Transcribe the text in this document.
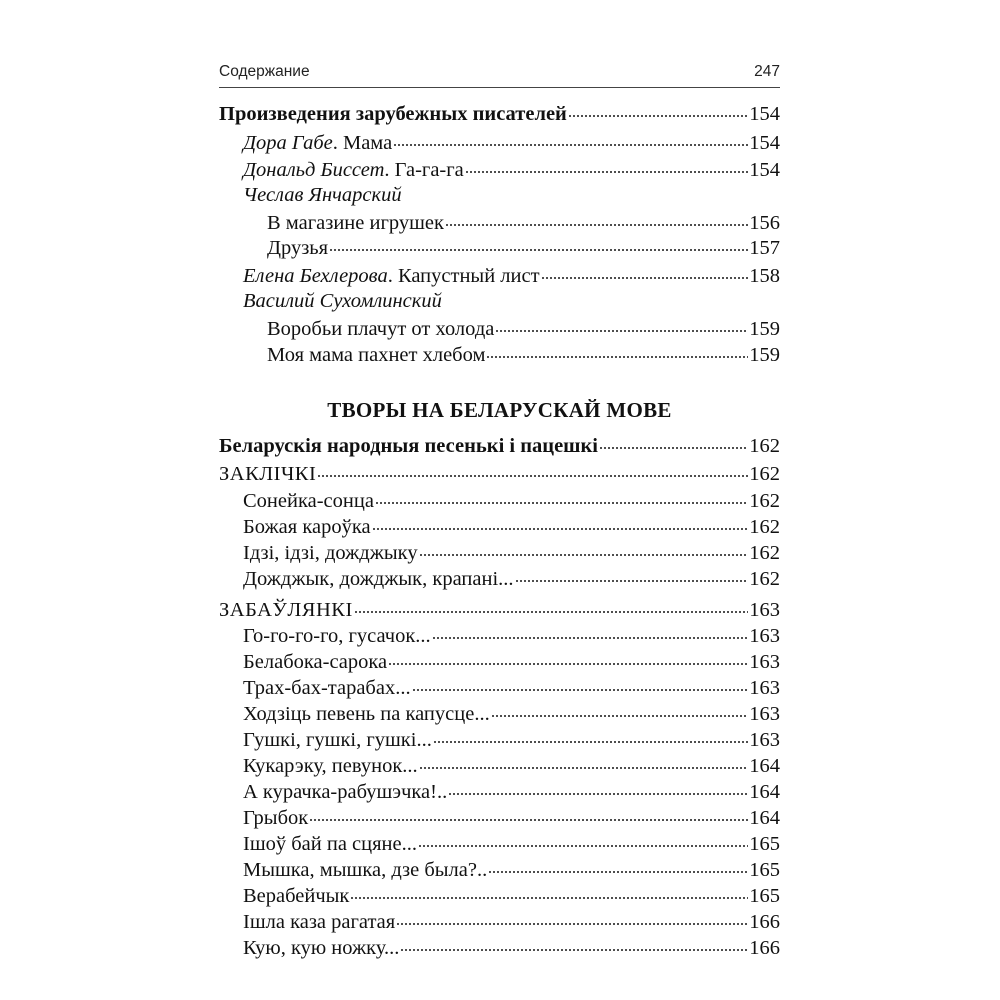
Содержание	247
Произведения зарубежных писателей	154
Дора Габе. Мама	154
Дональд Биссет. Га-га-га	154
Чеслав Янчарский
В магазине игрушек	156
Друзья	157
Елена Бехлерова. Капустный лист	158
Василий Сухомлинский
Воробьи плачут от холода	159
Моя мама пахнет хлебом	159
ТВОРЫ НА БЕЛАРУСКАЙ МОВЕ
Беларускія народныя песенькі і пацешкі	162
ЗАКЛІЧКІ	162
Сонейка-сонца	162
Божая кароўка	162
Ідзі, ідзі, дожджыку	162
Дожджык, дожджык, крапані...	162
ЗАБАЎЛЯНКІ	163
Го-го-го-го, гусачок...	163
Белабока-сарока	163
Трах-бах-тарабах...	163
Ходзіць певень па капусце...	163
Гушкі, гушкі, гушкі...	163
Кукарэку, певунок...	164
А курачка-рабушэчка!..	164
Грыбок	164
Ішоў бай па сцяне...	165
Мышка, мышка, дзе была?..	165
Верабейчык	165
Ішла каза рагатая	166
Кую, кую ножку...	166
